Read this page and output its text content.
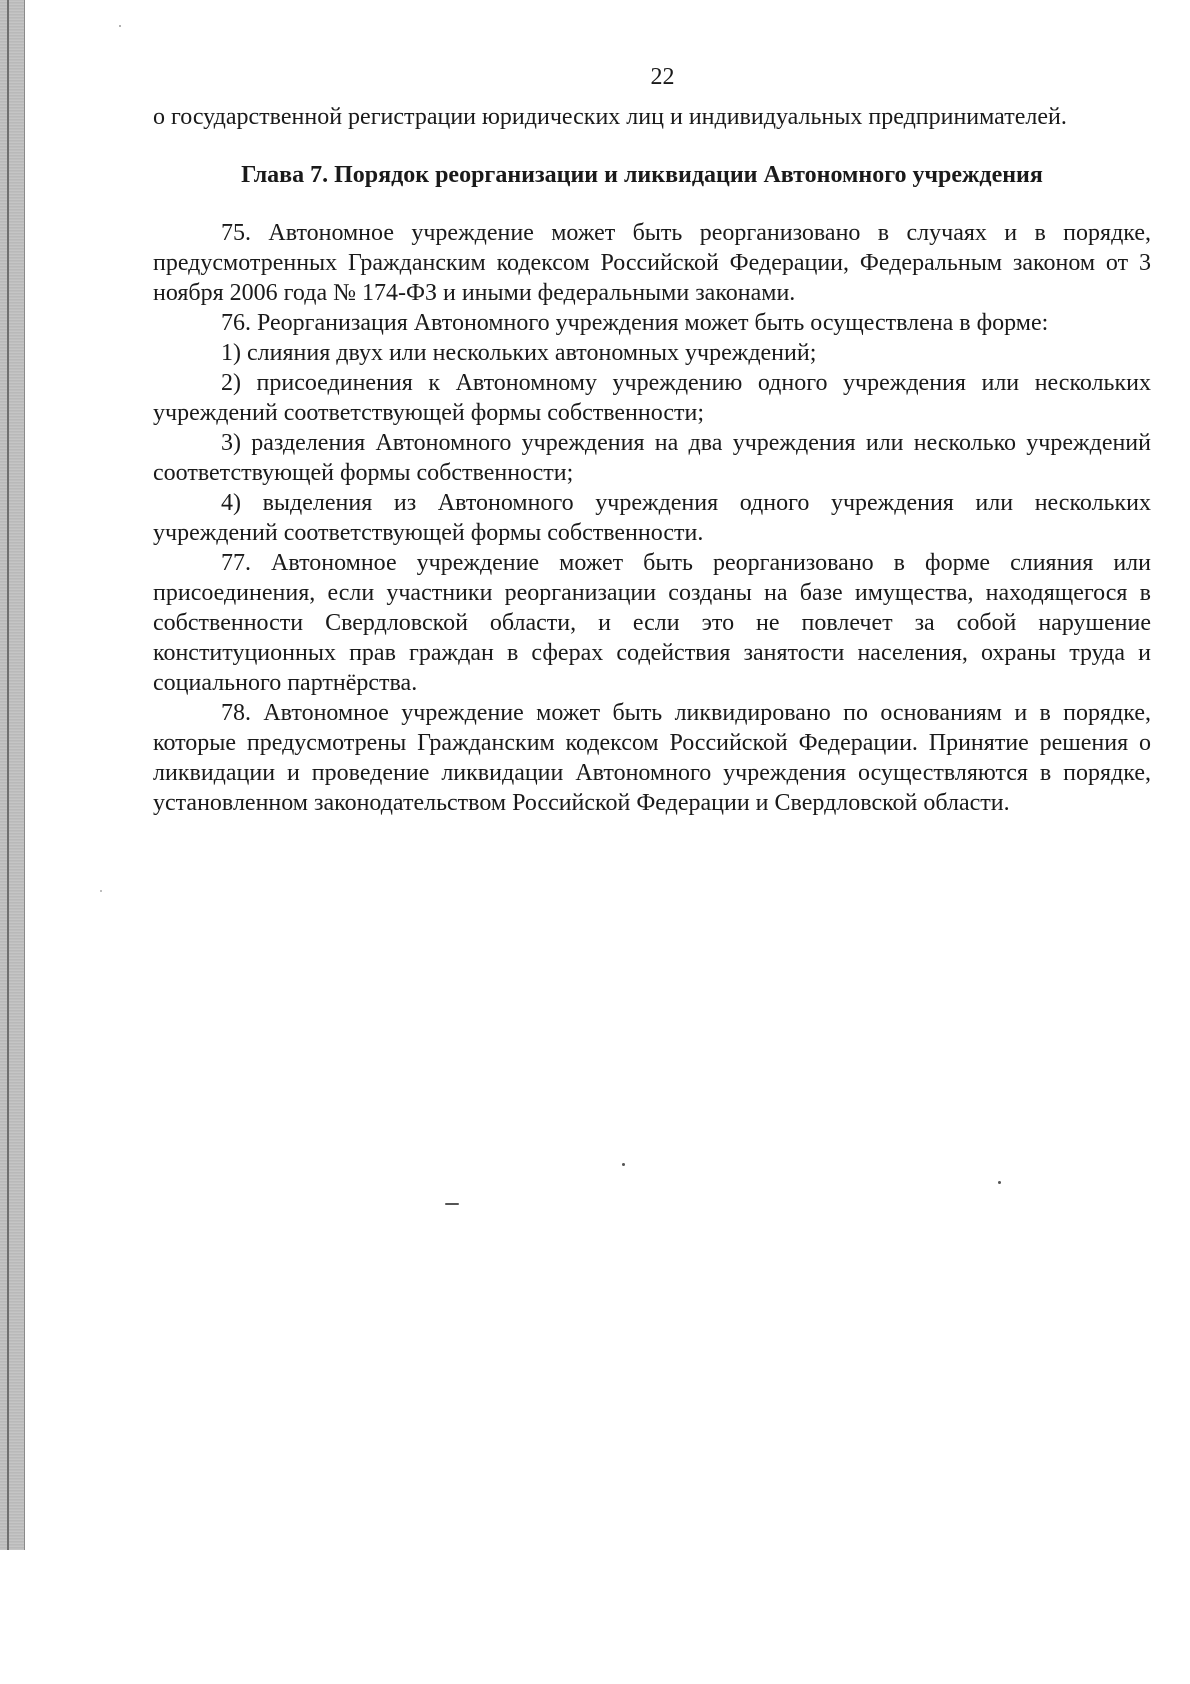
22

о государственной регистрации юридических лиц и индивидуальных предпринимателей.

Глава 7. Порядок реорганизации и ликвидации Автономного учреждения

75. Автономное учреждение может быть реорганизовано в случаях и в порядке, предусмотренных Гражданским кодексом Российской Федерации, Федеральным законом от 3 ноября 2006 года № 174-ФЗ и иными федеральными законами.

76. Реорганизация Автономного учреждения может быть осуществлена в форме:

1) слияния двух или нескольких автономных учреждений;

2) присоединения к Автономному учреждению одного учреждения или нескольких учреждений соответствующей формы собственности;

3) разделения Автономного учреждения на два учреждения или несколько учреждений соответствующей формы собственности;

4) выделения из Автономного учреждения одного учреждения или нескольких учреждений соответствующей формы собственности.

77. Автономное учреждение может быть реорганизовано в форме слияния или присоединения, если участники реорганизации созданы на базе имущества, находящегося в собственности Свердловской области, и если это не повлечет за собой нарушение конституционных прав граждан в сферах содействия занятости населения, охраны труда и социального партнёрства.

78. Автономное учреждение может быть ликвидировано по основаниям и в порядке, которые предусмотрены Гражданским кодексом Российской Федерации. Принятие решения о ликвидации и проведение ликвидации Автономного учреждения осуществляются в порядке, установленном законодательством Российской Федерации и Свердловской области.
